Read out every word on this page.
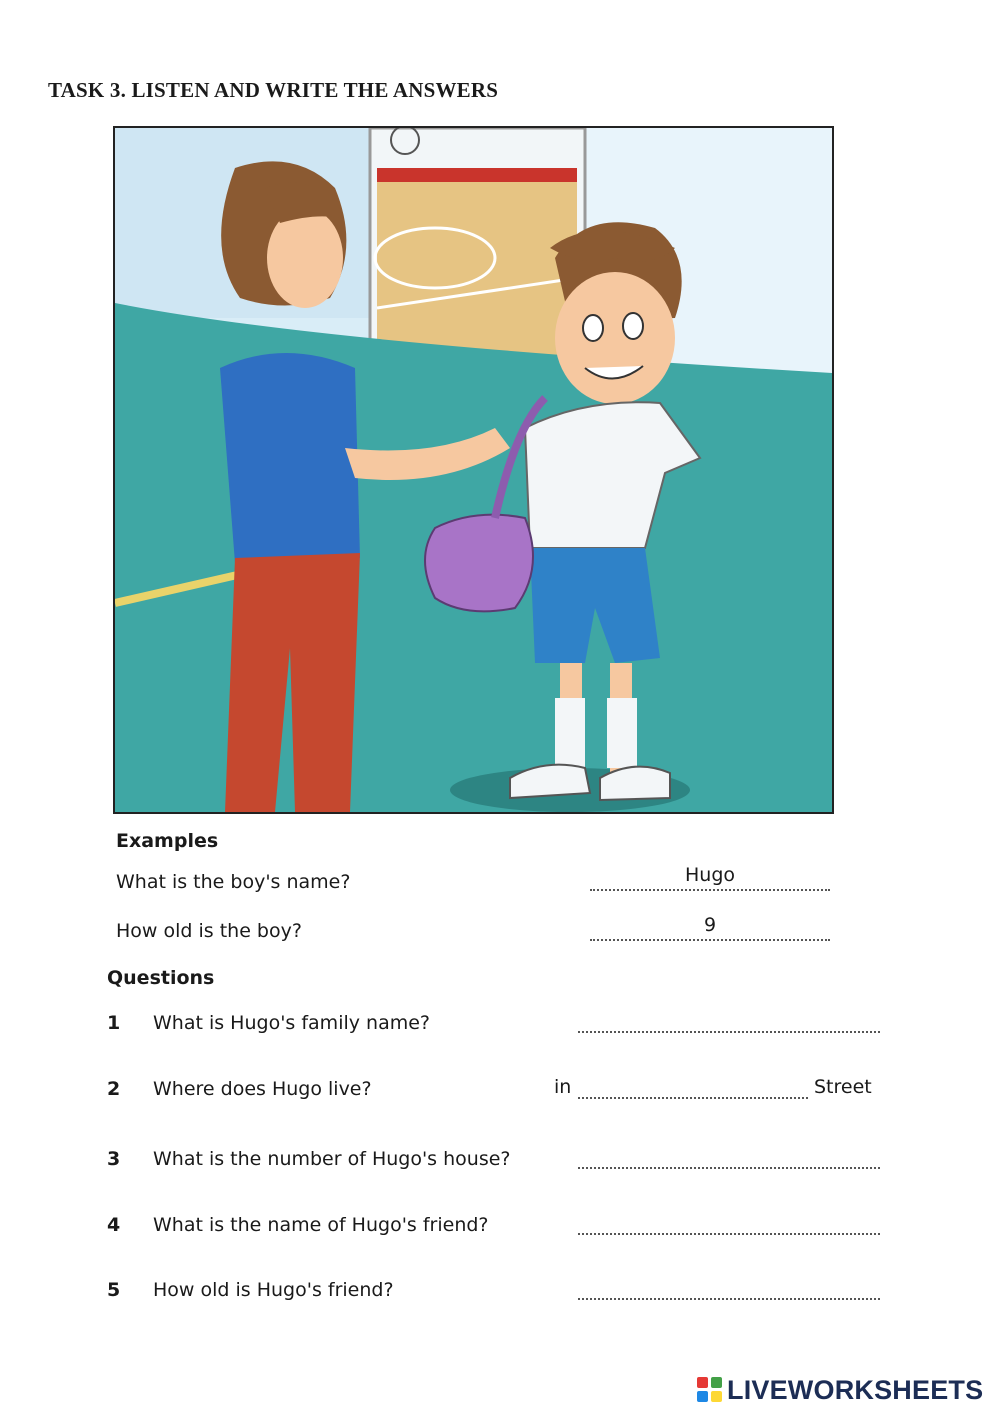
TASK 3. LISTEN AND WRITE THE ANSWERS
Examples
What is the boy's name?	Hugo
How old is the boy?	9
Questions
1 What is Hugo's family name?
2 Where does Hugo live?	in	Street
3 What is the number of Hugo's house?
4 What is the name of Hugo's friend?
5 How old is Hugo's friend?
LIVEWORKSHEETS
